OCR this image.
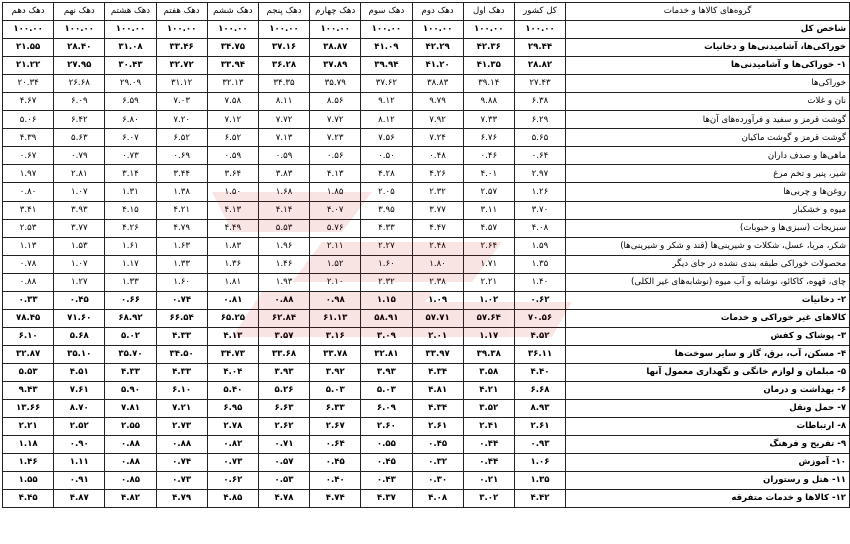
گروه‌های کالاها و خدمات	کل کشور	دهک اول	دهک دوم	دهک سوم	دهک چهارم	دهک پنجم	دهک ششم	دهک هفتم	دهک هشتم	دهک نهم	دهک دهم
شاخص کل	۱۰۰.۰۰	۱۰۰.۰۰	۱۰۰.۰۰	۱۰۰.۰۰	۱۰۰.۰۰	۱۰۰.۰۰	۱۰۰.۰۰	۱۰۰.۰۰	۱۰۰.۰۰	۱۰۰.۰۰	۱۰۰.۰۰
خوراکی‌ها، آشامیدنی‌ها و دخانیات	۲۹.۴۴	۴۲.۳۶	۴۲.۲۹	۴۱.۰۹	۳۸.۸۷	۳۷.۱۶	۳۴.۷۵	۳۳.۴۶	۳۱.۰۸	۲۸.۴۰	۲۱.۵۵
۱- خوراکی‌ها و آشامیدنی‌ها	۲۸.۸۲	۴۱.۳۵	۴۱.۲۰	۳۹.۹۴	۳۷.۸۹	۳۶.۲۸	۳۳.۹۴	۳۲.۷۲	۳۰.۴۳	۲۷.۹۵	۲۱.۲۲
خوراکی‌ها	۲۷.۴۳	۳۹.۱۴	۳۸.۸۳	۳۷.۶۲	۳۵.۷۹	۳۴.۳۵	۳۲.۱۳	۳۱.۱۲	۲۹.۰۹	۲۶.۶۸	۲۰.۳۴
نان و غلات	۶.۳۸	۹.۸۸	۹.۷۹	۹.۱۲	۸.۵۶	۸.۱۱	۷.۵۸	۷.۰۳	۶.۵۹	۶.۰۹	۴.۶۷
گوشت قرمز و سفید و فرآورده‌های آن‌ها	۶.۲۹	۷.۳۳	۷.۹۲	۸.۱۲	۷.۷۲	۷.۷۲	۷.۱۲	۷.۲۰	۶.۸۰	۶.۴۲	۵.۰۶
گوشت قرمز و گوشت ماکیان	۵.۶۵	۶.۷۶	۷.۲۴	۷.۵۶	۷.۲۳	۷.۱۳	۶.۵۲	۶.۵۲	۶.۰۷	۵.۶۳	۴.۳۹
ماهی‌ها و صدف داران	۰.۶۴	۰.۴۶	۰.۴۸	۰.۵۰	۰.۵۶	۰.۵۹	۰.۵۹	۰.۶۹	۰.۷۳	۰.۷۹	۰.۶۷
شیر، پنیر و تخم مرغ	۲.۹۷	۴.۰۱	۴.۲۶	۴.۲۸	۴.۱۳	۳.۸۳	۳.۶۴	۳.۴۴	۳.۱۴	۲.۸۱	۱.۹۷
روغن‌ها و چربی‌ها	۱.۲۶	۲.۵۷	۲.۳۲	۲.۰۵	۱.۸۵	۱.۶۸	۱.۵۰	۱.۳۸	۱.۳۱	۱.۰۷	۰.۸۰
میوه و خشکبار	۳.۷۰	۳.۱۱	۳.۷۷	۳.۹۵	۴.۰۷	۴.۱۴	۴.۱۳	۴.۲۱	۴.۱۵	۳.۹۳	۳.۴۱
سبزیجات (سبزی‌ها و حبوبات)	۴.۰۸	۴.۵۷	۴.۴۷	۴.۳۳	۵.۷۶	۵.۵۳	۴.۴۹	۴.۷۹	۴.۲۶	۳.۷۷	۲.۵۳
شکر، مربا، عسل، شکلات و شیرینی‌ها (قند و شکر و شیرینی‌ها)	۱.۵۹	۲.۶۴	۲.۴۸	۲.۲۷	۲.۱۱	۱.۹۶	۱.۸۳	۱.۶۳	۱.۶۱	۱.۵۳	۱.۱۳
محصولات خوراکی طبقه بندی نشده در جای دیگر	۱.۳۵	۱.۷۱	۱.۸۰	۱.۶۰	۱.۵۲	۱.۴۶	۱.۳۶	۱.۳۳	۱.۱۷	۱.۰۷	۰.۷۸
چای، قهوه، کاکائو، نوشابه و آب میوه (نوشابه‌های غیر الکلی)	۱.۴۰	۲.۲۱	۲.۳۸	۲.۳۲	۲.۱۰	۱.۹۳	۱.۸۱	۱.۶۰	۱.۳۳	۱.۲۷	۰.۸۸
۲- دخانیات	۰.۶۲	۱.۰۲	۱.۰۹	۱.۱۵	۰.۹۸	۰.۸۸	۰.۸۱	۰.۷۴	۰.۶۶	۰.۴۵	۰.۳۳
کالاهای غیر خوراکی و خدمات	۷۰.۵۶	۵۷.۶۴	۵۷.۷۱	۵۸.۹۱	۶۱.۱۳	۶۲.۸۴	۶۵.۲۵	۶۶.۵۴	۶۸.۹۲	۷۱.۶۰	۷۸.۴۵
۳- پوشاک و کفش	۴.۵۲	۱.۱۷	۲.۰۱	۳.۰۹	۳.۱۶	۳.۵۷	۴.۱۳	۴.۳۳	۵.۰۲	۵.۶۸	۶.۱۰
۴- مسکن، آب، برق، گاز و سایر سوخت‌ها	۳۶.۱۱	۳۹.۳۸	۳۳.۹۷	۳۲.۸۱	۳۳.۷۸	۳۳.۶۸	۳۴.۷۳	۳۴.۵۰	۳۵.۷۰	۳۵.۱۰	۳۲.۸۷
۵- مبلمان و لوازم خانگی و نگهداری معمول آنها	۴.۴۰	۳.۵۸	۴.۳۴	۳.۹۳	۳.۹۲	۳.۹۳	۴.۰۴	۴.۳۳	۴.۳۳	۴.۵۱	۵.۵۳
۶- بهداشت و درمان	۶.۶۸	۴.۲۱	۴.۸۱	۵.۰۳	۵.۰۳	۵.۲۶	۵.۴۰	۶.۱۰	۵.۹۰	۷.۶۱	۹.۴۳
۷- حمل ونقل	۸.۹۳	۳.۵۲	۴.۳۴	۶.۰۹	۶.۳۳	۶.۶۳	۶.۹۵	۷.۲۱	۷.۸۱	۸.۷۰	۱۳.۶۶
۸- ارتباطات	۲.۶۱	۲.۴۱	۲.۶۱	۲.۶۰	۲.۶۷	۲.۶۲	۲.۷۸	۲.۷۳	۲.۵۵	۲.۵۲	۲.۲۱
۹- تفریح و فرهنگ	۰.۹۳	۰.۴۴	۰.۴۵	۰.۵۵	۰.۶۴	۰.۷۱	۰.۸۲	۰.۸۸	۰.۸۸	۰.۹۰	۱.۱۸
۱۰- آموزش	۱.۰۶	۰.۴۴	۰.۳۲	۰.۴۵	۰.۴۵	۰.۵۷	۰.۷۳	۰.۷۴	۰.۸۸	۱.۱۱	۱.۴۶
۱۱- هتل و رستوران	۱.۳۵	۰.۲۱	۰.۳۰	۰.۴۳	۰.۴۰	۰.۵۳	۰.۶۲	۰.۷۳	۰.۸۵	۰.۹۱	۱.۵۵
۱۲- کالاها و خدمات متفرقه	۴.۴۲	۳.۰۲	۴.۰۸	۴.۳۷	۴.۷۴	۴.۷۸	۴.۸۵	۴.۷۹	۴.۸۲	۴.۸۷	۴.۴۵
